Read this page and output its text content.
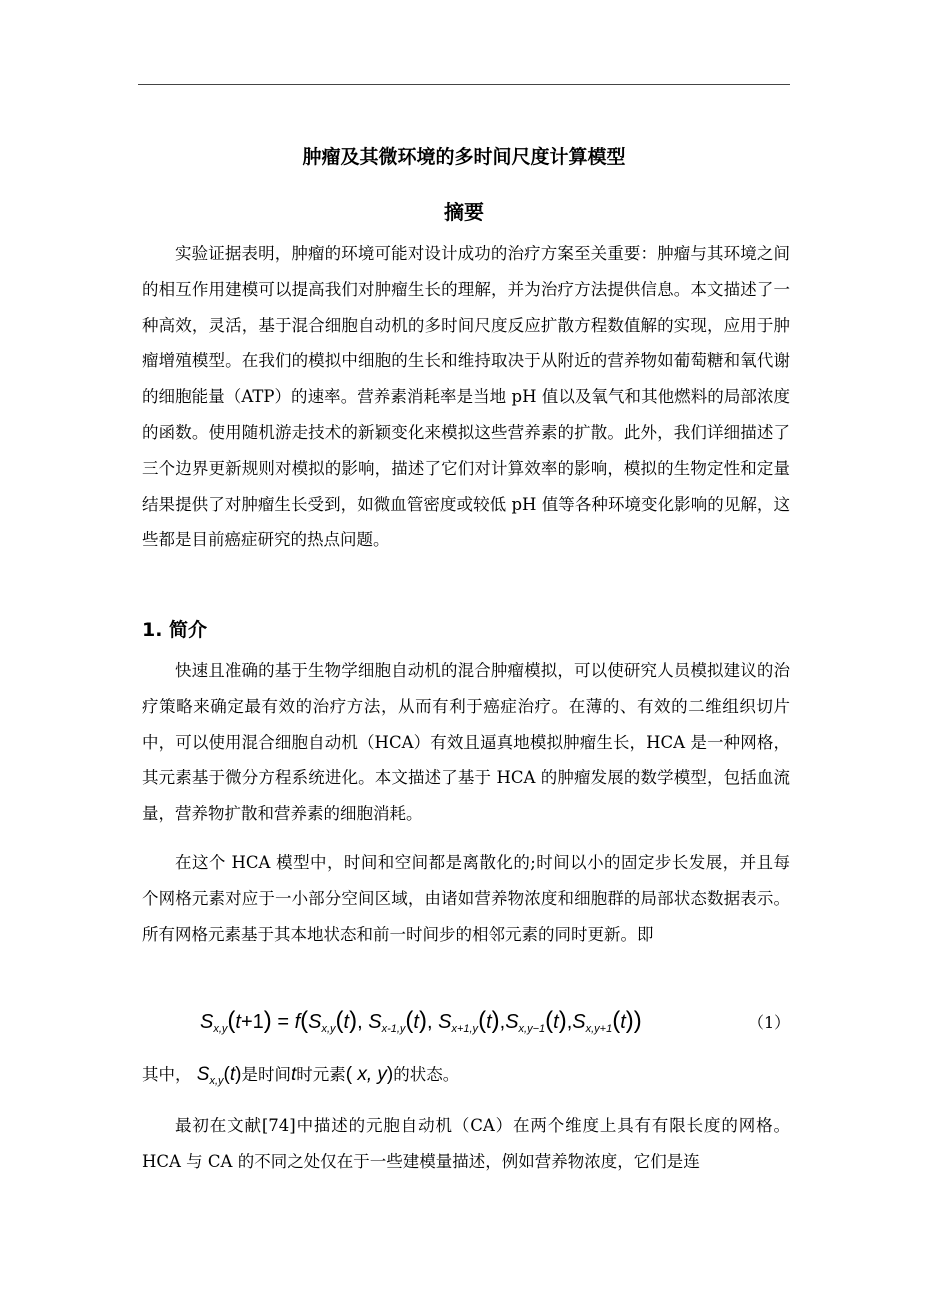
肿瘤及其微环境的多时间尺度计算模型
摘要

实验证据表明，肿瘤的环境可能对设计成功的治疗方案至关重要：肿瘤与其环境之间的相互作用建模可以提高我们对肿瘤生长的理解，并为治疗方法提供信息。本文描述了一种高效，灵活，基于混合细胞自动机的多时间尺度反应扩散方程数值解的实现，应用于肿瘤增殖模型。在我们的模拟中细胞的生长和维持取决于从附近的营养物如葡萄糖和氧代谢的细胞能量（ATP）的速率。营养素消耗率是当地 pH 值以及氧气和其他燃料的局部浓度的函数。使用随机游走技术的新颖变化来模拟这些营养素的扩散。此外，我们详细描述了三个边界更新规则对模拟的影响，描述了它们对计算效率的影响，模拟的生物定性和定量结果提供了对肿瘤生长受到，如微血管密度或较低 pH 值等各种环境变化影响的见解，这些都是目前癌症研究的热点问题。

1. 简介

快速且准确的基于生物学细胞自动机的混合肿瘤模拟，可以使研究人员模拟建议的治疗策略来确定最有效的治疗方法，从而有利于癌症治疗。在薄的、有效的二维组织切片中，可以使用混合细胞自动机（HCA）有效且逼真地模拟肿瘤生长，HCA 是一种网格，其元素基于微分方程系统进化。本文描述了基于 HCA 的肿瘤发展的数学模型，包括血流量，营养物扩散和营养素的细胞消耗。

在这个 HCA 模型中，时间和空间都是离散化的;时间以小的固定步长发展，并且每个网格元素对应于一小部分空间区域，由诸如营养物浓度和细胞群的局部状态数据表示。所有网格元素基于其本地状态和前一时间步的相邻元素的同时更新。即

$S_{x,y}(t+1) = f(S_{x,y}(t)$, $S_{x-1,y}(t)$, $S_{x+1,y}(t),S_{x,y-1}(t),S_{x,y+1}(t)$)	（1）
其中， $S_{x,y}(t)$是时间t时元素( x, y)的状态。

最初在文献[74]中描述的元胞自动机（CA）在两个维度上具有有限长度的网格。 HCA 与 CA 的不同之处仅在于一些建模量描述，例如营养物浓度，它们是连
